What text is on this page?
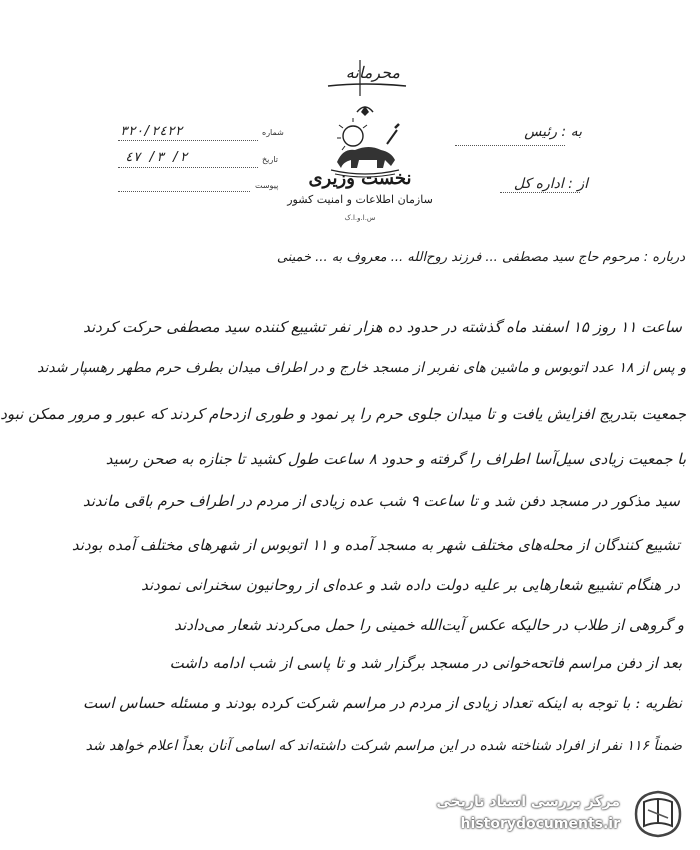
محرمانه
نخست وزیری
سازمان اطلاعات و امنیت کشور
س.ا.و.ا.ک
شماره
٣٢٠/٢٤٢٢
تاریخ
٢/ ٣/ ٤٧
پیوست
به : رئیس
از : اداره کل
درباره : مرحوم حاج سید مصطفی ... فرزند روح‌الله ... معروف به ... خمینی
ساعت ۱۱ روز ۱۵ اسفند ماه گذشته در حدود ده هزار نفر تشییع کننده سید مصطفی حرکت کردند
و پس از ۱۸ عدد اتوبوس و ماشین های نفربر از مسجد خارج و در اطراف میدان بطرف حرم مطهر رهسپار شدند
جمعیت بتدریج افزایش یافت و تا میدان جلوی حرم را پر نمود و طوری ازدحام کردند که عبور و مرور ممکن نبود
با جمعیت زیادی سیل‌آسا اطراف را گرفته و حدود ۸ ساعت طول کشید تا جنازه به صحن رسید
سید مذکور در مسجد دفن شد و تا ساعت ۹ شب عده زیادی از مردم در اطراف حرم باقی ماندند
تشییع کنندگان از محله‌های مختلف شهر به مسجد آمده و ۱۱ اتوبوس از شهرهای مختلف آمده بودند
در هنگام تشییع شعارهایی بر علیه دولت داده شد و عده‌ای از روحانیون سخنرانی نمودند
و گروهی از طلاب در حالیکه عکس آیت‌الله خمینی را حمل می‌کردند شعار می‌دادند
بعد از دفن مراسم فاتحه‌خوانی در مسجد برگزار شد و تا پاسی از شب ادامه داشت
نظریه : با توجه به اینکه تعداد زیادی از مردم در مراسم شرکت کرده بودند و مسئله حساس است
ضمناً ۱۱۶ نفر از افراد شناخته شده در این مراسم شرکت داشته‌اند که اسامی آنان بعداً اعلام خواهد شد
مرکز بررسی اسناد تاریخی
historydocuments.ir
